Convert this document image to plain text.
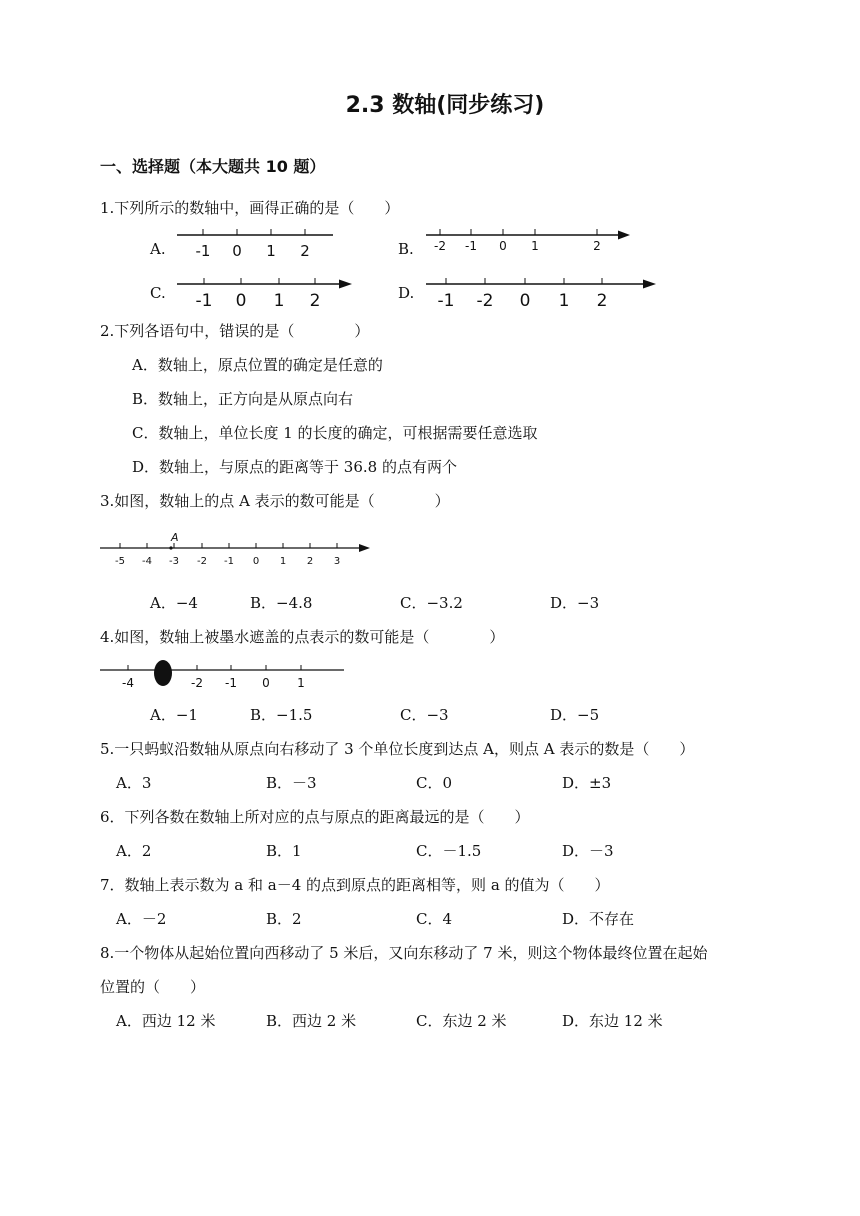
2.3 数轴(同步练习)
一、选择题（本大题共 10 题）
1.下列所示的数轴中，画得正确的是（　　）
A. -1 0 1 2	B. -2 -1 0 1	2
C. -1 0 1 2	D. -1 -2 0 1 2
2.下列各语句中，错误的是（　　　　）
A．数轴上，原点位置的确定是任意的
B．数轴上，正方向是从原点向右
C．数轴上，单位长度 1 的长度的确定，可根据需要任意选取
D．数轴上，与原点的距离等于 36.8 的点有两个
3.如图，数轴上的点 A 表示的数可能是（　　　　）
A
-5 -4 -3 -2 -1 0 1 2 3
A．−4	B．−4.8	C．−3.2	D．−3
4.如图，数轴上被墨水遮盖的点表示的数可能是（　　　　）
-4	-2 -1 0 1
A．−1	B．−1.5	C．−3	D．−5
5.一只蚂蚁沿数轴从原点向右移动了 3 个单位长度到达点 A，则点 A 表示的数是（　　）
A．3	B．－3	C．0	D．±3
6．下列各数在数轴上所对应的点与原点的距离最远的是（　　）
A．2	B．1	C．－1.5	D．－3
7．数轴上表示数为 a 和 a－4 的点到原点的距离相等，则 a 的值为（　　）
A．－2	B．2	C．4	D．不存在
8.一个物体从起始位置向西移动了 5 米后，又向东移动了 7 米，则这个物体最终位置在起始
位置的（　　）
A．西边 12 米	B．西边 2 米	C．东边 2 米	D．东边 12 米
